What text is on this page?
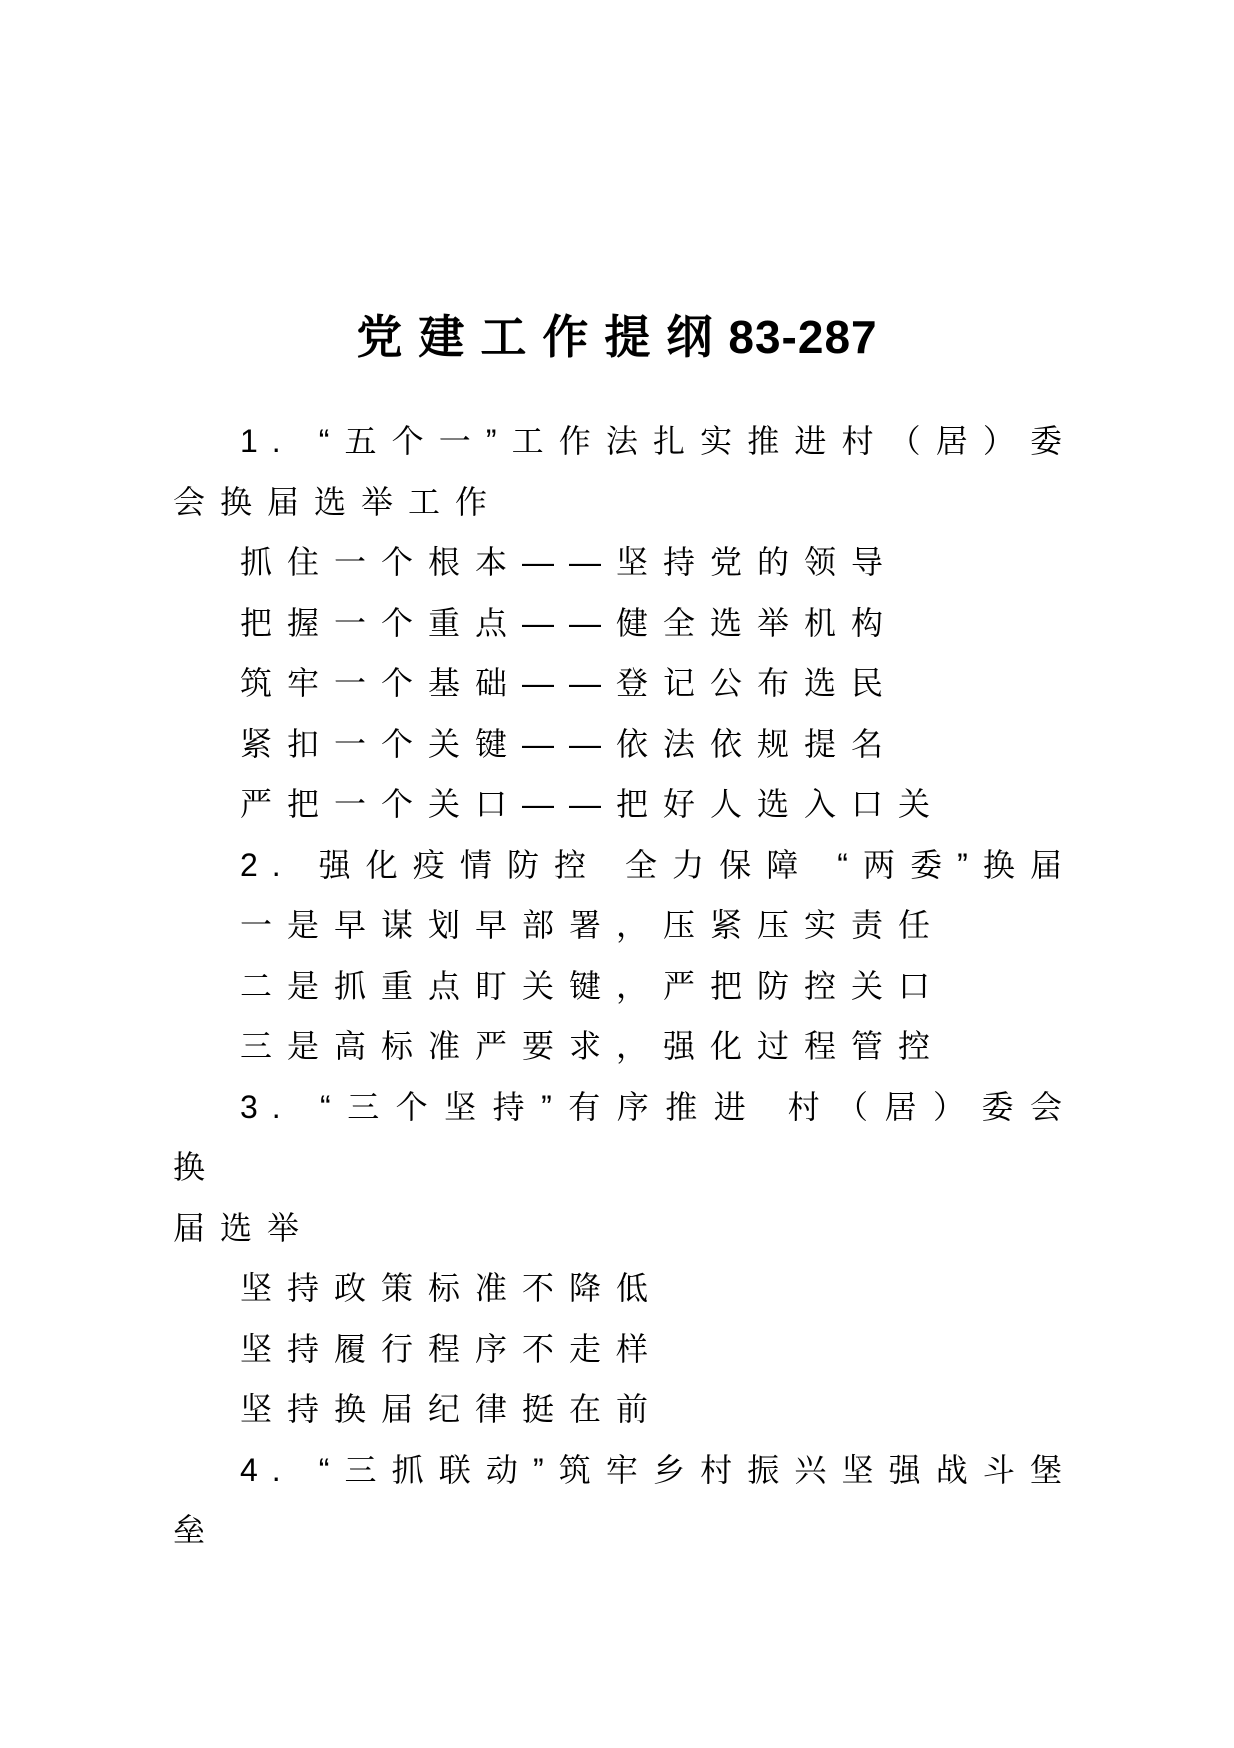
党建工作提纲83-287

1. “五个一”工作法扎实推进村（居）委

会换届选举工作

抓住一个根本——坚持党的领导

把握一个重点——健全选举机构

筑牢一个基础——登记公布选民

紧扣一个关键——依法依规提名

严把一个关口——把好人选入口关

2. 强化疫情防控 全力保障 “两委”换届

一是早谋划早部署，压紧压实责任

二是抓重点盯关键，严把防控关口

三是高标准严要求，强化过程管控

3. “三个坚持”有序推进 村（居）委会换

届选举

坚持政策标准不降低

坚持履行程序不走样

坚持换届纪律挺在前

4. “三抓联动”筑牢乡村振兴坚强战斗堡

垒
